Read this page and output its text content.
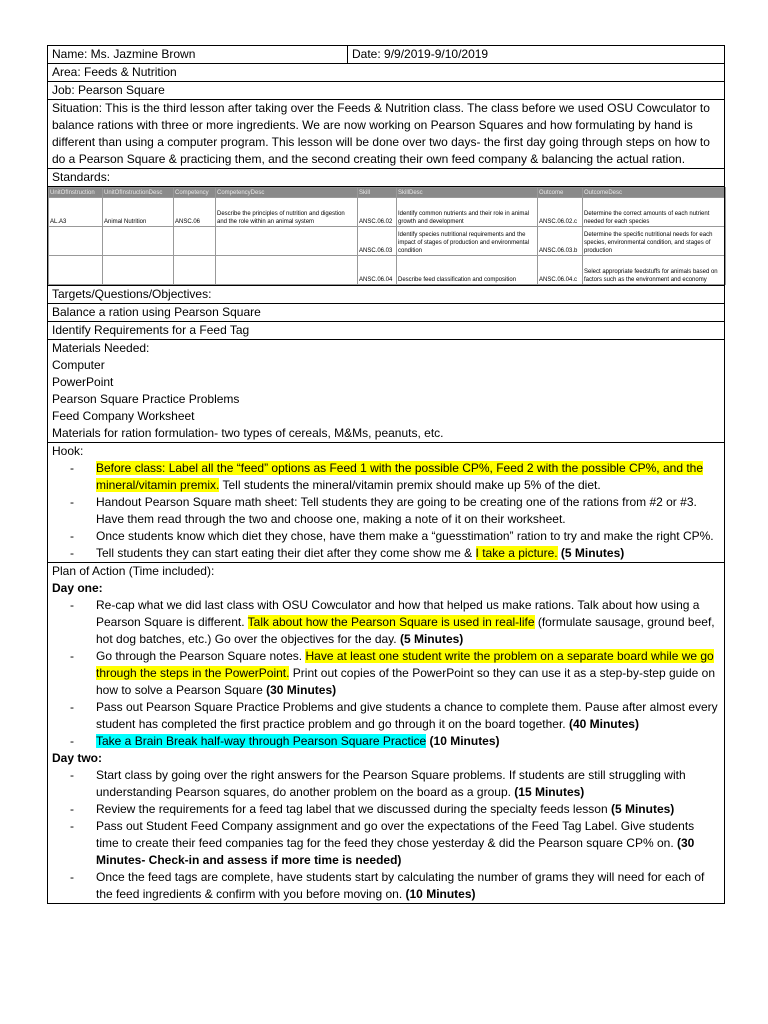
Name: Ms. Jazmine Brown	Date: 9/9/2019-9/10/2019
Area: Feeds & Nutrition
Job: Pearson Square
Situation: This is the third lesson after taking over the Feeds & Nutrition class. The class before we used OSU Cowculator to balance rations with three or more ingredients. We are now working on Pearson Squares and how formulating by hand is different than using a computer program. This lesson will be done over two days- the first day going through steps on how to do a Pearson Square & practicing them, and the second creating their own feed company & balancing the actual ration.
Standards:

UnitOfInstruction	UnitOfInstructionDesc	Competency	CompetencyDesc	Skill	SkillDesc	Outcome	OutcomeDesc
AL.A3	Animal Nutrition	ANSC.06	Describe the principles of nutrition and digestion and the role within an animal system	ANSC.06.02	Identify common nutrients and their role in animal growth and development	ANSC.06.02.c	Determine the correct amounts of each nutrient needed for each species
				ANSC.06.03	Identify species nutritional requirements and the impact of stages of production and environmental condition	ANSC.06.03.b	Determine the specific nutritional needs for each species, environmental condition, and stages of production
				ANSC.06.04	Describe feed classification and composition	ANSC.06.04.c	Select appropriate feedstuffs for animals based on factors such as the environment and economy

Targets/Questions/Objectives:
Balance a ration using Pearson Square
Identify Requirements for a Feed Tag

Materials Needed:
Computer
PowerPoint
Pearson Square Practice Problems
Feed Company Worksheet
Materials for ration formulation- two types of cereals, M&Ms, peanuts, etc.

Hook:
- Before class: Label all the “feed” options as Feed 1 with the possible CP%, Feed 2 with the possible CP%, and the mineral/vitamin premix. Tell students the mineral/vitamin premix should make up 5% of the diet.
- Handout Pearson Square math sheet: Tell students they are going to be creating one of the rations from #2 or #3. Have them read through the two and choose one, making a note of it on their worksheet.
- Once students know which diet they chose, have them make a “guesstimation” ration to try and make the right CP%.
- Tell students they can start eating their diet after they come show me & I take a picture. (5 Minutes)

Plan of Action (Time included):
Day one:
- Re-cap what we did last class with OSU Cowculator and how that helped us make rations. Talk about how using a Pearson Square is different. Talk about how the Pearson Square is used in real-life (formulate sausage, ground beef, hot dog batches, etc.) Go over the objectives for the day. (5 Minutes)
- Go through the Pearson Square notes. Have at least one student write the problem on a separate board while we go through the steps in the PowerPoint. Print out copies of the PowerPoint so they can use it as a step-by-step guide on how to solve a Pearson Square (30 Minutes)
- Pass out Pearson Square Practice Problems and give students a chance to complete them. Pause after almost every student has completed the first practice problem and go through it on the board together. (40 Minutes)
- Take a Brain Break half-way through Pearson Square Practice (10 Minutes)
Day two:
- Start class by going over the right answers for the Pearson Square problems. If students are still struggling with understanding Pearson squares, do another problem on the board as a group. (15 Minutes)
- Review the requirements for a feed tag label that we discussed during the specialty feeds lesson (5 Minutes)
- Pass out Student Feed Company assignment and go over the expectations of the Feed Tag Label. Give students time to create their feed companies tag for the feed they chose yesterday & did the Pearson square CP% on. (30 Minutes- Check-in and assess if more time is needed)
- Once the feed tags are complete, have students start by calculating the number of grams they will need for each of the feed ingredients & confirm with you before moving on. (10 Minutes)
